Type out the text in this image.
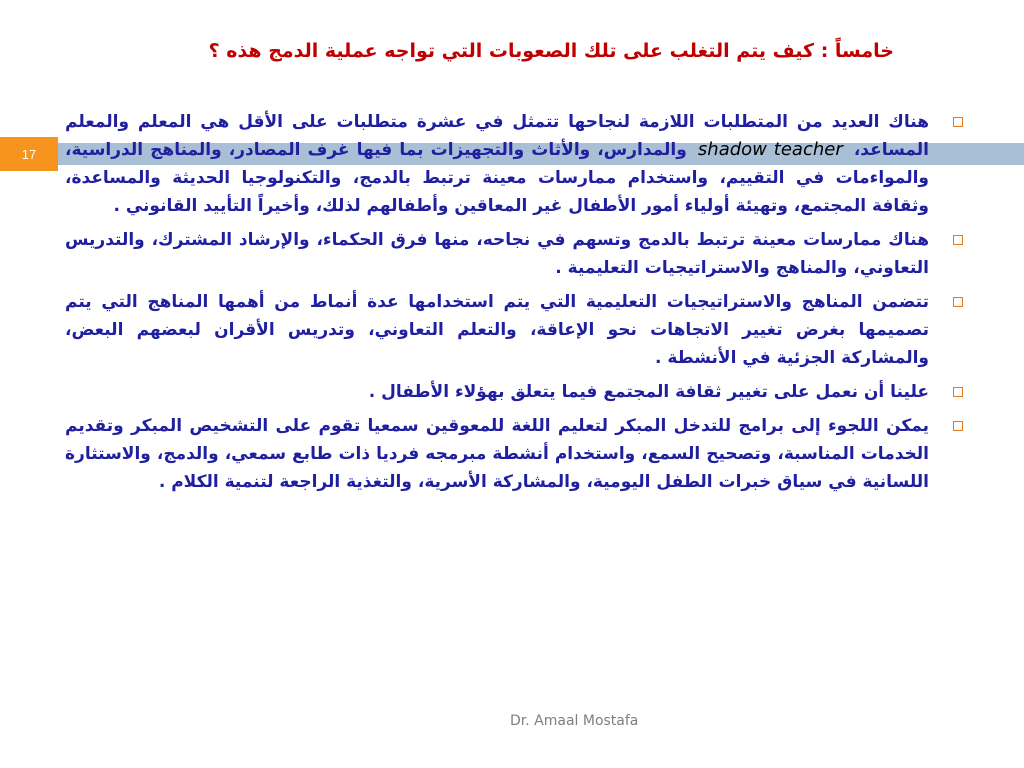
خامساً : كيف يتم التغلب على تلك الصعوبات التي تواجه عملية الدمج هذه ؟
17
هناك العديد من المتطلبات اللازمة لنجاحها تتمثل في عشرة متطلبات على الأقل هي المعلم والمعلم المساعد، shadow teacher والمدارس، والأثاث والتجهيزات بما فيها غرف المصادر، والمناهج الدراسية، والمواءمات في التقييم، واستخدام ممارسات معينة ترتبط بالدمج، والتكنولوجيا الحديثة والمساعدة، وثقافة المجتمع، وتهيئة أولياء أمور الأطفال غير المعاقين وأطفالهم لذلك، وأخيراً التأييد القانوني .
هناك ممارسات معينة ترتبط بالدمج وتسهم في نجاحه، منها فرق الحكماء، والإرشاد المشترك، والتدريس التعاوني، والمناهج والاستراتيجيات التعليمية .
تتضمن المناهج والاستراتيجيات التعليمية التي يتم استخدامها عدة أنماط من أهمها المناهج التي يتم تصميمها بغرض تغيير الاتجاهات نحو الإعاقة، والتعلم التعاوني، وتدريس الأقران لبعضهم البعض، والمشاركة الجزئية في الأنشطة .
علينا أن نعمل على تغيير ثقافة المجتمع فيما يتعلق بهؤلاء الأطفال .
يمكن اللجوء إلى برامج للتدخل المبكر لتعليم اللغة للمعوقين سمعيا تقوم على التشخيص المبكر وتقديم الخدمات المناسبة، وتصحيح السمع، واستخدام أنشطة مبرمجه فرديا ذات طابع سمعي، والدمج، والاستثارة اللسانية في سياق خبرات الطفل اليومية، والمشاركة الأسرية، والتغذية الراجعة لتنمية الكلام .
Dr. Amaal Mostafa
